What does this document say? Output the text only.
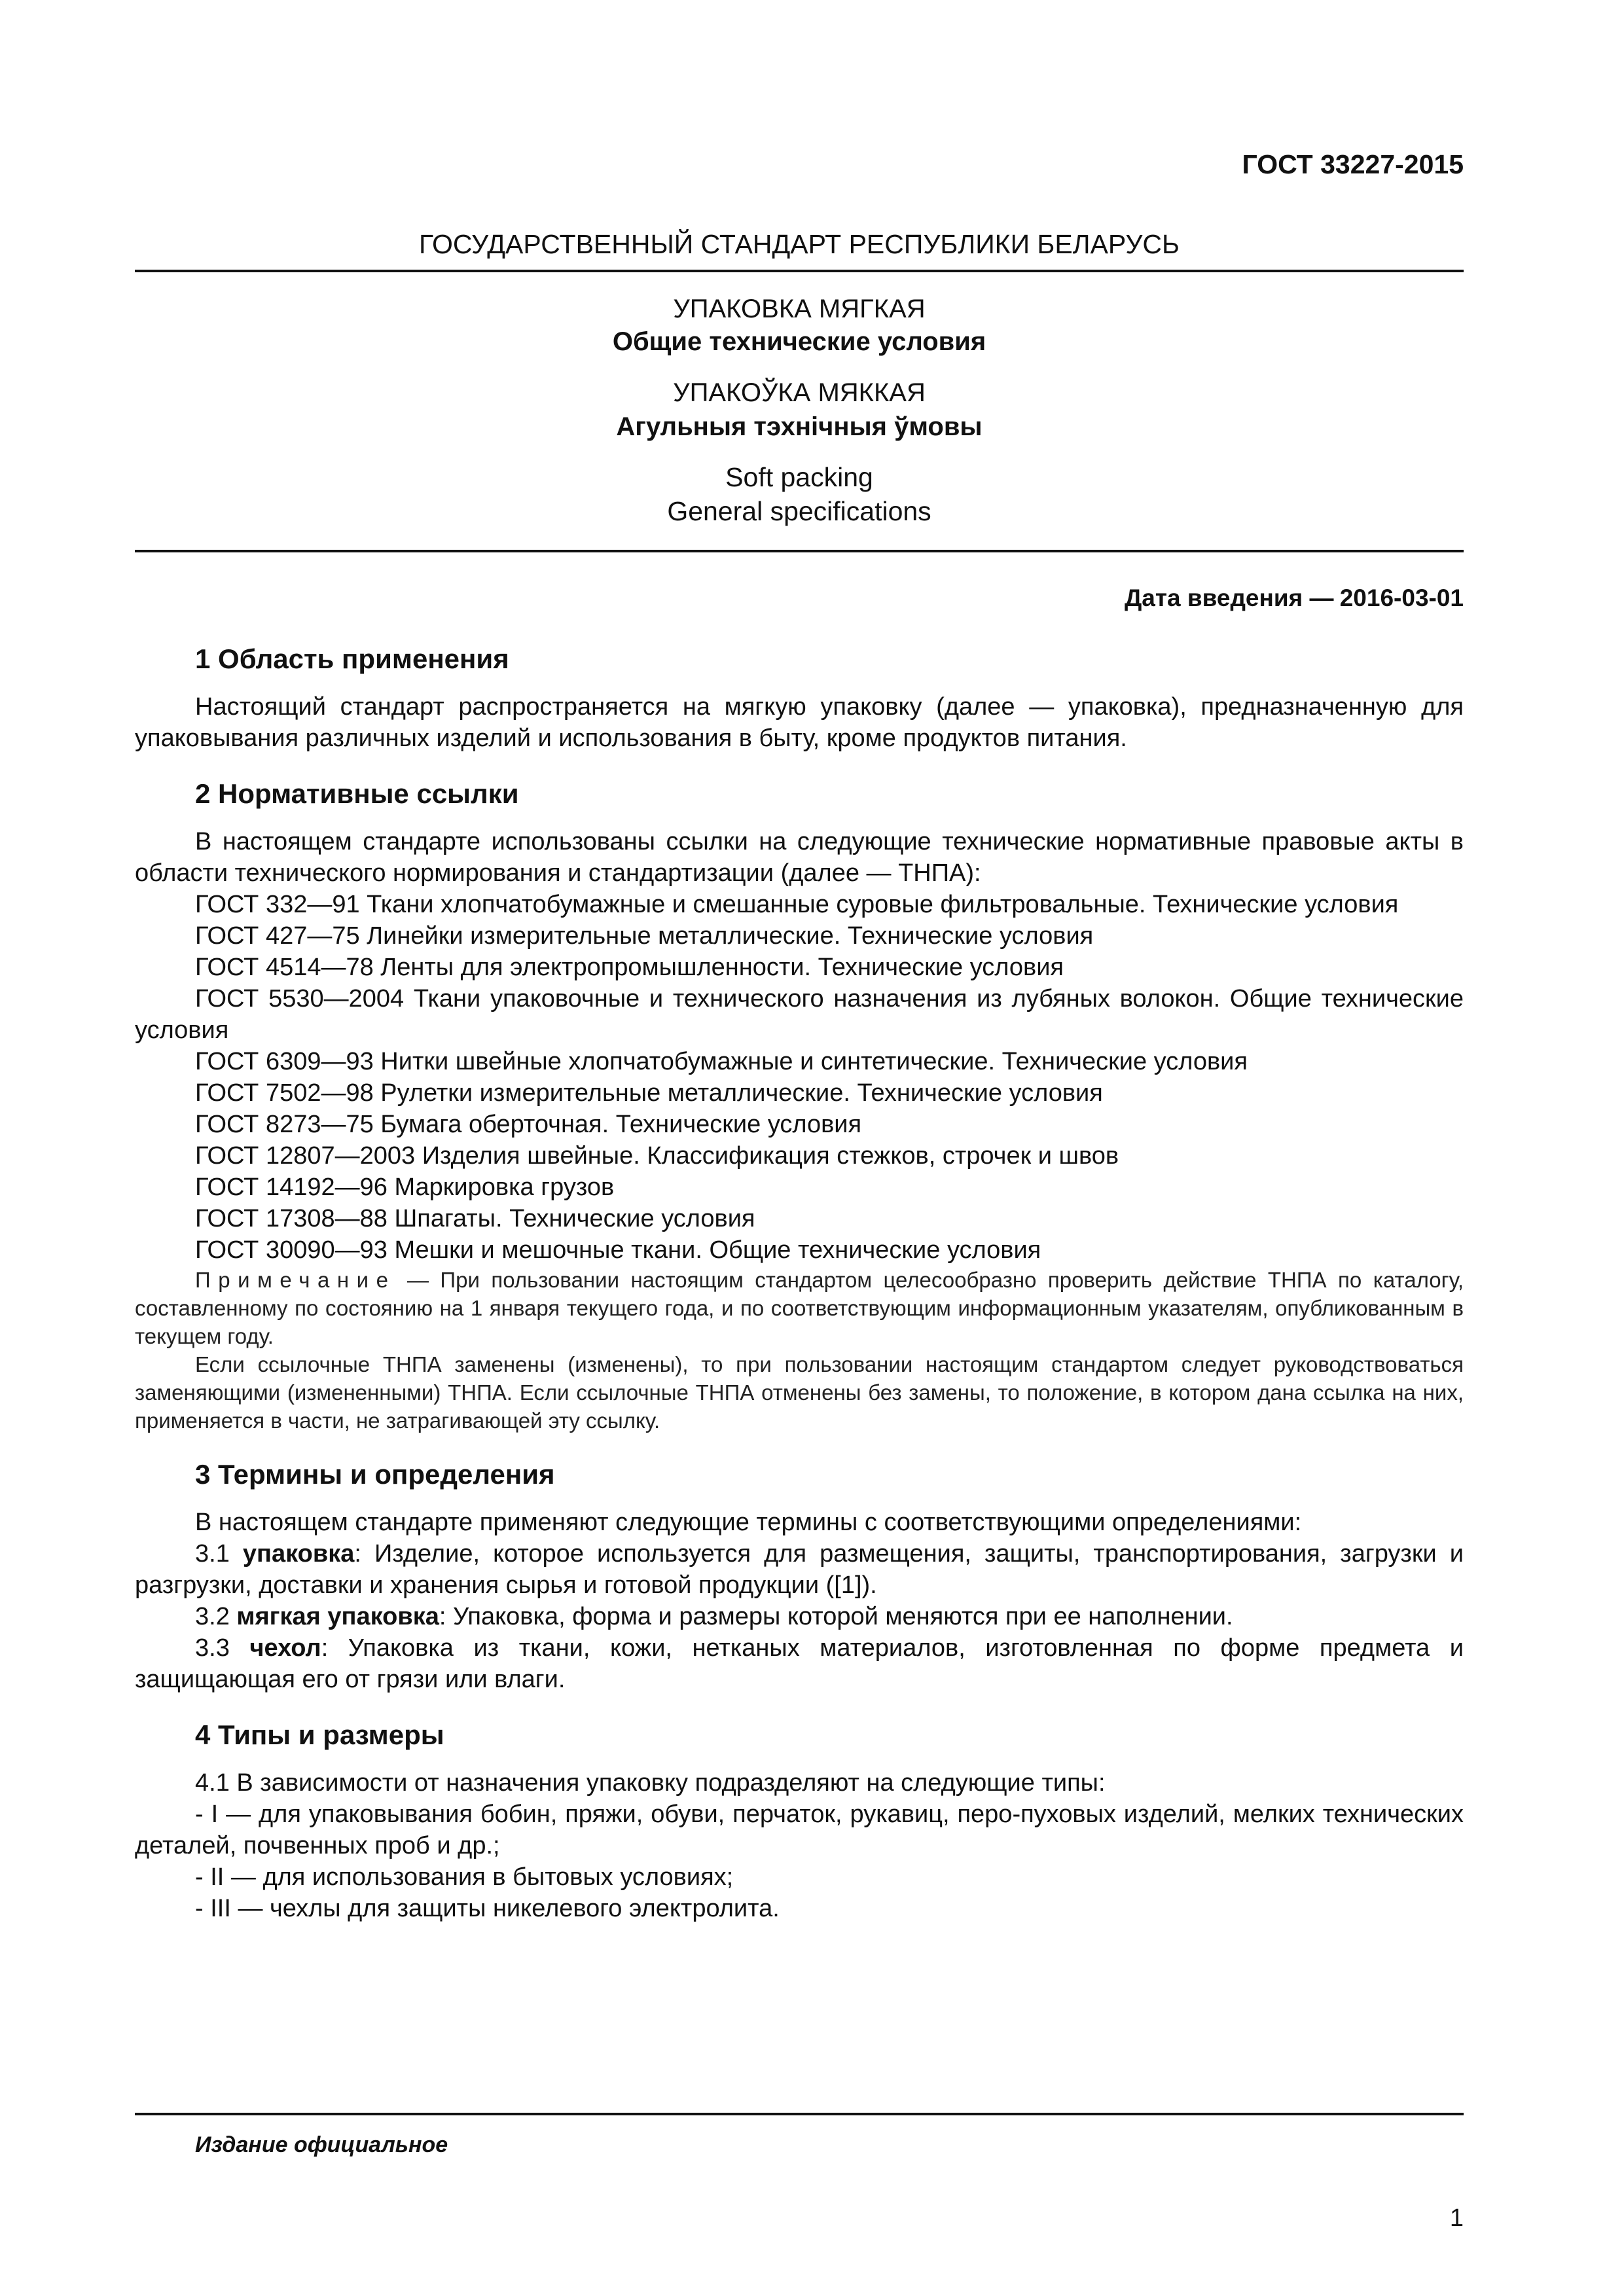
ГОСТ 33227-2015
ГОСУДАРСТВЕННЫЙ СТАНДАРТ РЕСПУБЛИКИ БЕЛАРУСЬ
УПАКОВКА МЯГКАЯ
Общие технические условия
УПАКОЎКА МЯККАЯ
Агульныя тэхнічныя ўмовы
Soft packing
General specifications
Дата введения — 2016-03-01
1 Область применения

Настоящий стандарт распространяется на мягкую упаковку (далее — упаковка), предназначенную для упаковывания различных изделий и использования в быту, кроме продуктов питания.

2 Нормативные ссылки

В настоящем стандарте использованы ссылки на следующие технические нормативные правовые акты в области технического нормирования и стандартизации (далее — ТНПА):

ГОСТ 332—91 Ткани хлопчатобумажные и смешанные суровые фильтровальные. Технические условия

ГОСТ 427—75 Линейки измерительные металлические. Технические условия

ГОСТ 4514—78 Ленты для электропромышленности. Технические условия

ГОСТ 5530—2004 Ткани упаковочные и технического назначения из лубяных волокон. Общие технические условия

ГОСТ 6309—93 Нитки швейные хлопчатобумажные и синтетические. Технические условия

ГОСТ 7502—98 Рулетки измерительные металлические. Технические условия

ГОСТ 8273—75 Бумага оберточная. Технические условия

ГОСТ 12807—2003 Изделия швейные. Классификация стежков, строчек и швов

ГОСТ 14192—96 Маркировка грузов

ГОСТ 17308—88 Шпагаты. Технические условия

ГОСТ 30090—93 Мешки и мешочные ткани. Общие технические условия

Примечание — При пользовании настоящим стандартом целесообразно проверить действие ТНПА по каталогу, составленному по состоянию на 1 января текущего года, и по соответствующим информационным указателям, опубликованным в текущем году.

Если ссылочные ТНПА заменены (изменены), то при пользовании настоящим стандартом следует руководствоваться заменяющими (измененными) ТНПА. Если ссылочные ТНПА отменены без замены, то положение, в котором дана ссылка на них, применяется в части, не затрагивающей эту ссылку.

3 Термины и определения

В настоящем стандарте применяют следующие термины с соответствующими определениями:

3.1 упаковка: Изделие, которое используется для размещения, защиты, транспортирования, загрузки и разгрузки, доставки и хранения сырья и готовой продукции ([1]).

3.2 мягкая упаковка: Упаковка, форма и размеры которой меняются при ее наполнении.

3.3 чехол: Упаковка из ткани, кожи, нетканых материалов, изготовленная по форме предмета и защищающая его от грязи или влаги.

4 Типы и размеры

4.1 В зависимости от назначения упаковку подразделяют на следующие типы:

- I — для упаковывания бобин, пряжи, обуви, перчаток, рукавиц, перо-пуховых изделий, мелких технических деталей, почвенных проб и др.;

- II — для использования в бытовых условиях;

- III — чехлы для защиты никелевого электролита.

Издание официальное
1
